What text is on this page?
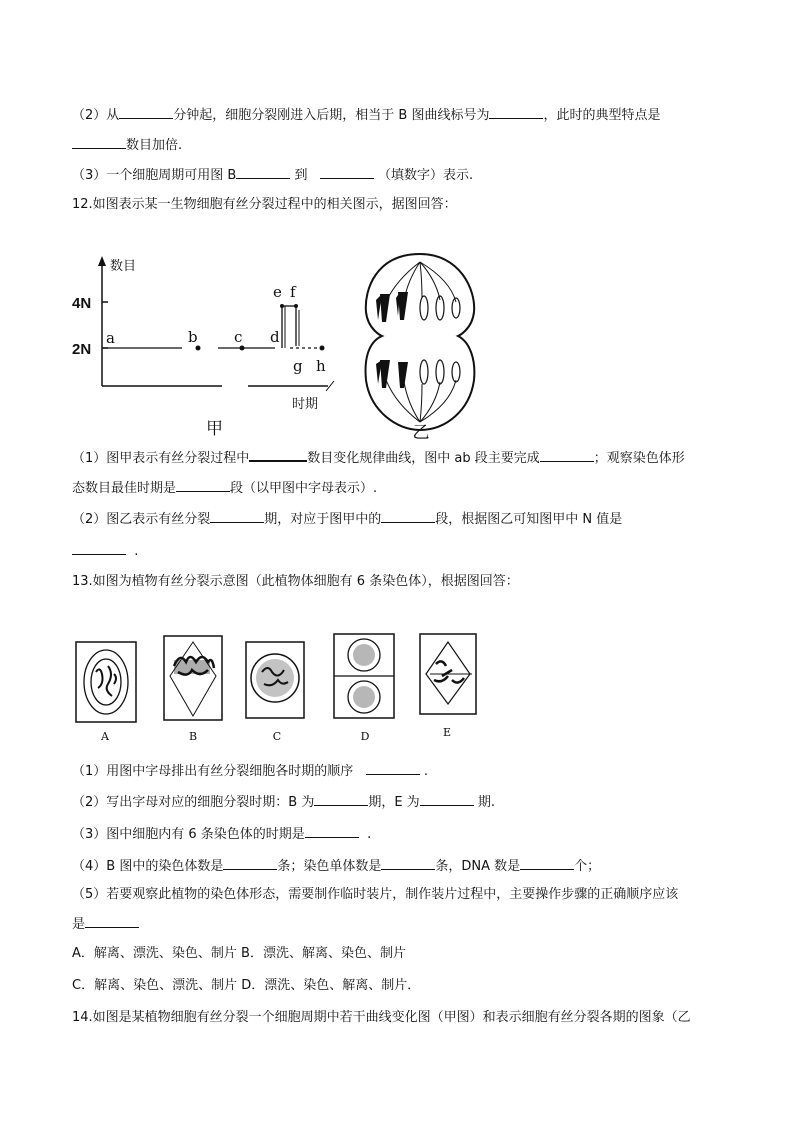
（2）从	分钟起，细胞分裂刚进入后期，相当于 B 图曲线标号为	，此时的典型特点是
数目加倍.
（3）一个细胞周期可用图 B	到	（填数字）表示.
12.如图表示某一生物细胞有丝分裂过程中的相关图示，据图回答：
数目
4N
2N
a	b c d
e f
g h
时期
甲	乙
（1）图甲表示有丝分裂过程中	数目变化规律曲线，图中 ab 段主要完成	；观察染色体形
态数目最佳时期是	段（以甲图中字母表示）.
（2）图乙表示有丝分裂	期，对应于图甲中的	段，根据图乙可知图甲中 N 值是
.
13.如图为植物有丝分裂示意图（此植物体细胞有 6 条染色体），根据图回答：
A	B	C	D	E
（1）用图中字母排出有丝分裂细胞各时期的顺序	.
（2）写出字母对应的细胞分裂时期：B 为	期，E 为	期.
（3）图中细胞内有 6 条染色体的时期是	.
（4）B 图中的染色体数是	条；染色单体数是	条，DNA 数是	个；
（5）若要观察此植物的染色体形态，需要制作临时装片，制作装片过程中，主要操作步骤的正确顺序应该
是
A．解离、漂洗、染色、制片 B．漂洗、解离、染色、制片
C．解离、染色、漂洗、制片 D．漂洗、染色、解离、制片．
14.如图是某植物细胞有丝分裂一个细胞周期中若干曲线变化图（甲图）和表示细胞有丝分裂各期的图象（乙
